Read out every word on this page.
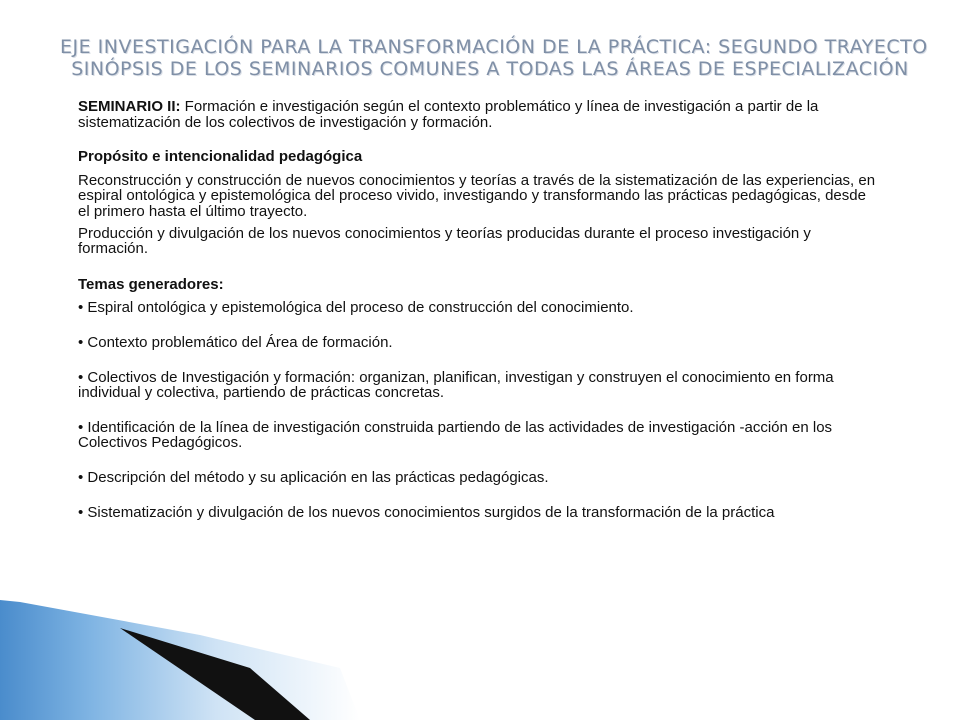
EJE INVESTIGACIÓN PARA LA TRANSFORMACIÓN DE LA PRÁCTICA: SEGUNDO TRAYECTO
SINÓPSIS DE LOS SEMINARIOS COMUNES A TODAS LAS ÁREAS DE ESPECIALIZACIÓN

SEMINARIO II: Formación e investigación según el contexto problemático y línea de investigación a partir de la sistematización de los colectivos de investigación y formación.

Propósito e intencionalidad pedagógica

Reconstrucción y construcción de nuevos conocimientos y teorías a través de la sistematización de las experiencias, en espiral ontológica y epistemológica del proceso vivido, investigando y transformando las prácticas pedagógicas, desde el primero hasta el último trayecto.

Producción y divulgación de los nuevos conocimientos y teorías producidas durante el proceso investigación y formación.

Temas generadores:

• Espiral ontológica y epistemológica del proceso de construcción del conocimiento.

• Contexto problemático del Área de formación.

• Colectivos de Investigación y formación: organizan, planifican, investigan y construyen el conocimiento en forma individual y colectiva, partiendo de prácticas concretas.

• Identificación de la línea de investigación construida partiendo de las actividades de investigación -acción en los Colectivos Pedagógicos.

• Descripción del método y su aplicación en las prácticas pedagógicas.

• Sistematización y divulgación de los nuevos conocimientos surgidos de la transformación de la práctica
